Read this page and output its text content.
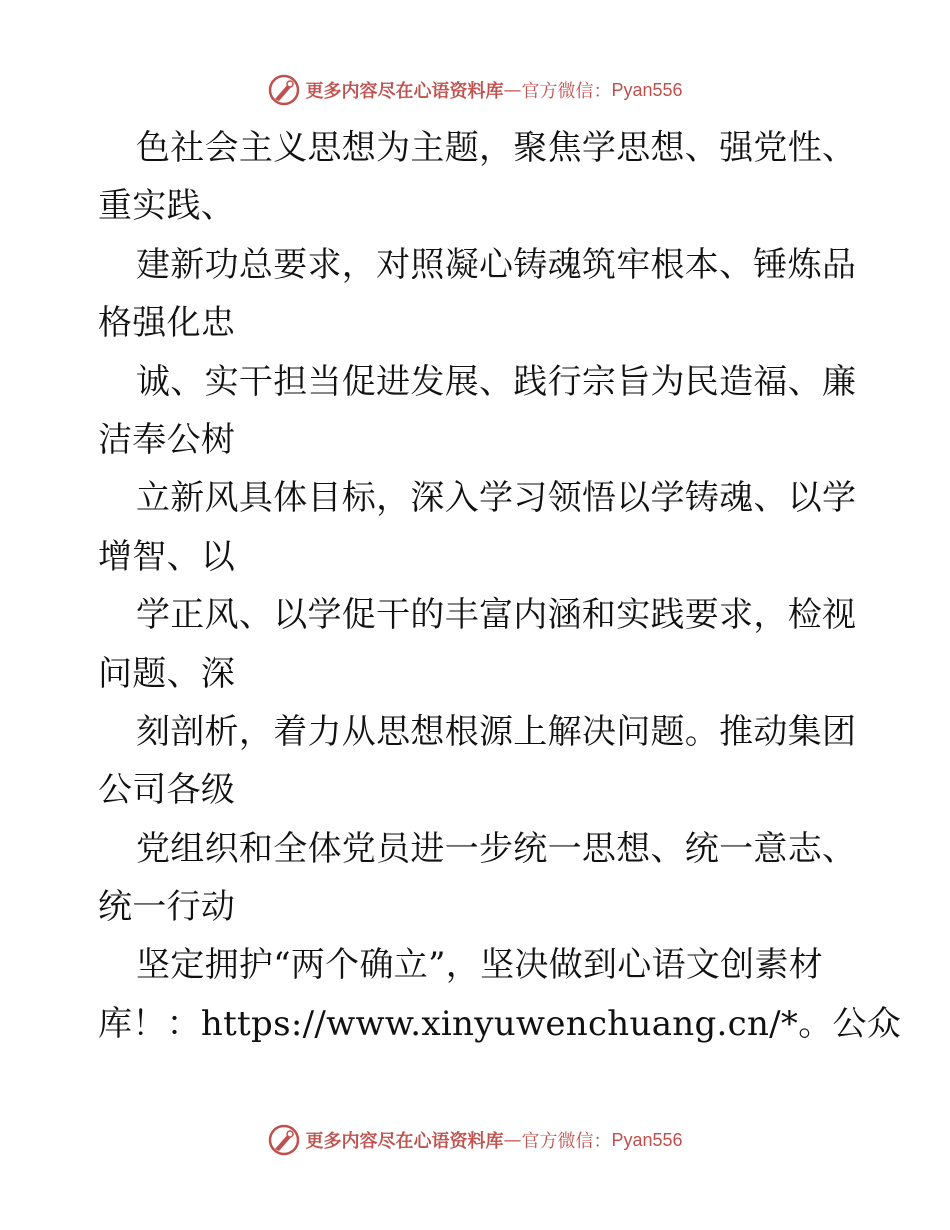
更多内容尽在心语资料库 — 官方微信： Pyan556
色社会主义思想为主题，聚焦学思想、强党性、
重实践、
建新功总要求，对照凝心铸魂筑牢根本、锤炼品
格强化忠
诚、实干担当促进发展、践行宗旨为民造福、廉
洁奉公树
立新风具体目标，深入学习领悟以学铸魂、以学
增智、以
学正风、以学促干的丰富内涵和实践要求，检视
问题、深
刻剖析，着力从思想根源上解决问题。推动集团
公司各级
党组织和全体党员进一步统一思想、统一意志、
统一行动
坚定拥护“两个确立”，坚决做到心语文创素材
库！：https://www.xinyuwenchuang.cn/*。公众
更多内容尽在心语资料库 — 官方微信： Pyan556
